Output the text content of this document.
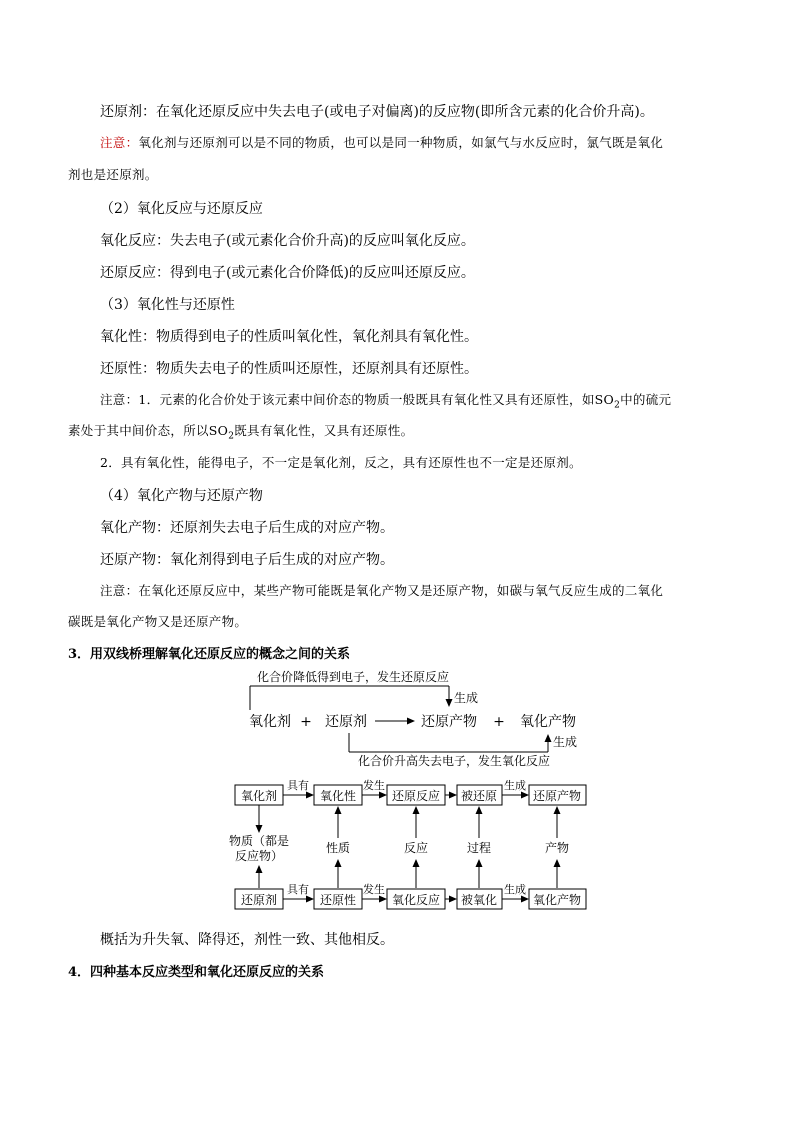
还原剂：在氧化还原反应中失去电子(或电子对偏离)的反应物(即所含元素的化合价升高)。
注意：氧化剂与还原剂可以是不同的物质，也可以是同一种物质，如氯气与水反应时，氯气既是氧化
剂也是还原剂。
（2）氧化反应与还原反应
氧化反应：失去电子(或元素化合价升高)的反应叫氧化反应。
还原反应：得到电子(或元素化合价降低)的反应叫还原反应。
（3）氧化性与还原性
氧化性：物质得到电子的性质叫氧化性，氧化剂具有氧化性。
还原性：物质失去电子的性质叫还原性，还原剂具有还原性。
注意：1．元素的化合价处于该元素中间价态的物质一般既具有氧化性又具有还原性，如$SO_2$中的硫元
素处于其中间价态，所以$SO_2$既具有氧化性，又具有还原性。
2．具有氧化性，能得电子，不一定是氧化剂，反之，具有还原性也不一定是还原剂。
（4）氧化产物与还原产物
氧化产物：还原剂失去电子后生成的对应产物。
还原产物：氧化剂得到电子后生成的对应产物。
注意：在氧化还原反应中，某些产物可能既是氧化产物又是还原产物，如碳与氧气反应生成的二氧化
碳既是氧化产物又是还原产物。
3．用双线桥理解氧化还原反应的概念之间的关系
化合价降低得到电子，发生还原反应
生成
氧化剂 + 还原剂	还原产物 + 氧化产物
化合价升高失去电子，发生氧化反应
生成
氧化剂	氧化性	还原反应 被还原	还原产物
具有	发生	生成
物质（都是
反应物）
性质	反应	过程	产物
还原剂	还原性	氧化反应 被氧化	氧化产物
具有	发生	生成
概括为升失氧、降得还，剂性一致、其他相反。
4．四种基本反应类型和氧化还原反应的关系
